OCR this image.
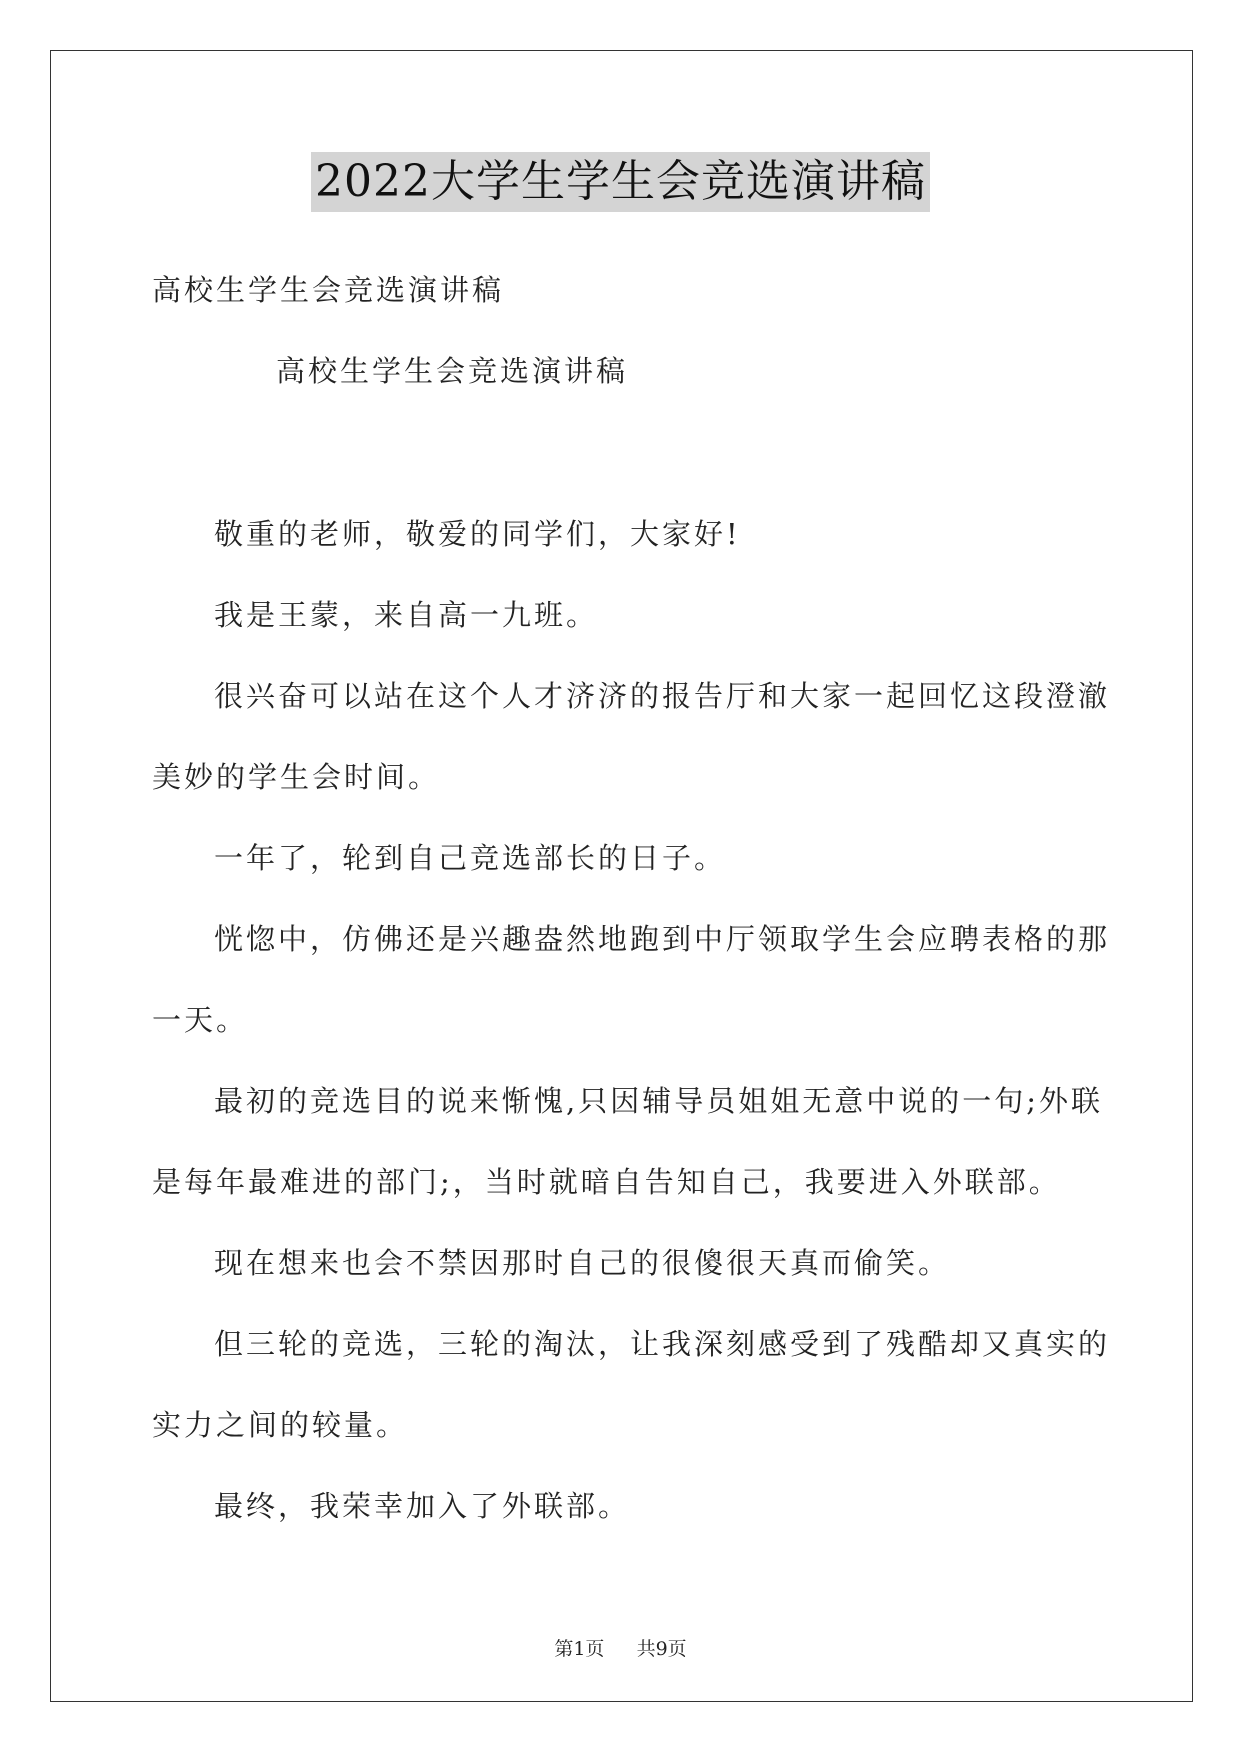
2022大学生学生会竞选演讲稿
高校生学生会竞选演讲稿
高校生学生会竞选演讲稿
敬重的老师，敬爱的同学们，大家好!
我是王蒙，来自高一九班。
很兴奋可以站在这个人才济济的报告厅和大家一起回忆这段澄澈
美妙的学生会时间。
一年了，轮到自己竞选部长的日子。
恍惚中，仿佛还是兴趣盎然地跑到中厅领取学生会应聘表格的那
一天。
最初的竞选目的说来惭愧,只因辅导员姐姐无意中说的一句;外联
是每年最难进的部门;，当时就暗自告知自己，我要进入外联部。
现在想来也会不禁因那时自己的很傻很天真而偷笑。
但三轮的竞选，三轮的淘汰，让我深刻感受到了残酷却又真实的
实力之间的较量。
最终，我荣幸加入了外联部。
第1页 共9页
